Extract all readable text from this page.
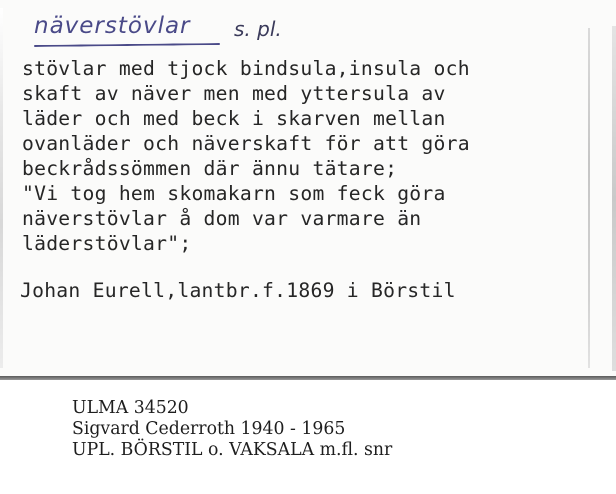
näverstövlar s. pl.
stövlar med tjock bindsula,insula och
skaft av näver men med yttersula av
läder och med beck i skarven mellan
ovanläder och näverskaft för att göra
beckrådssömmen där ännu tätare;
"Vi tog hem skomakarn som feck göra
näverstövlar å dom var varmare än
läderstövlar";
Johan Eurell,lantbr.f.1869 i Börstil
ULMA 34520
Sigvard Cederroth 1940 - 1965
UPL. BÖRSTIL o. VAKSALA m.fl. snr
